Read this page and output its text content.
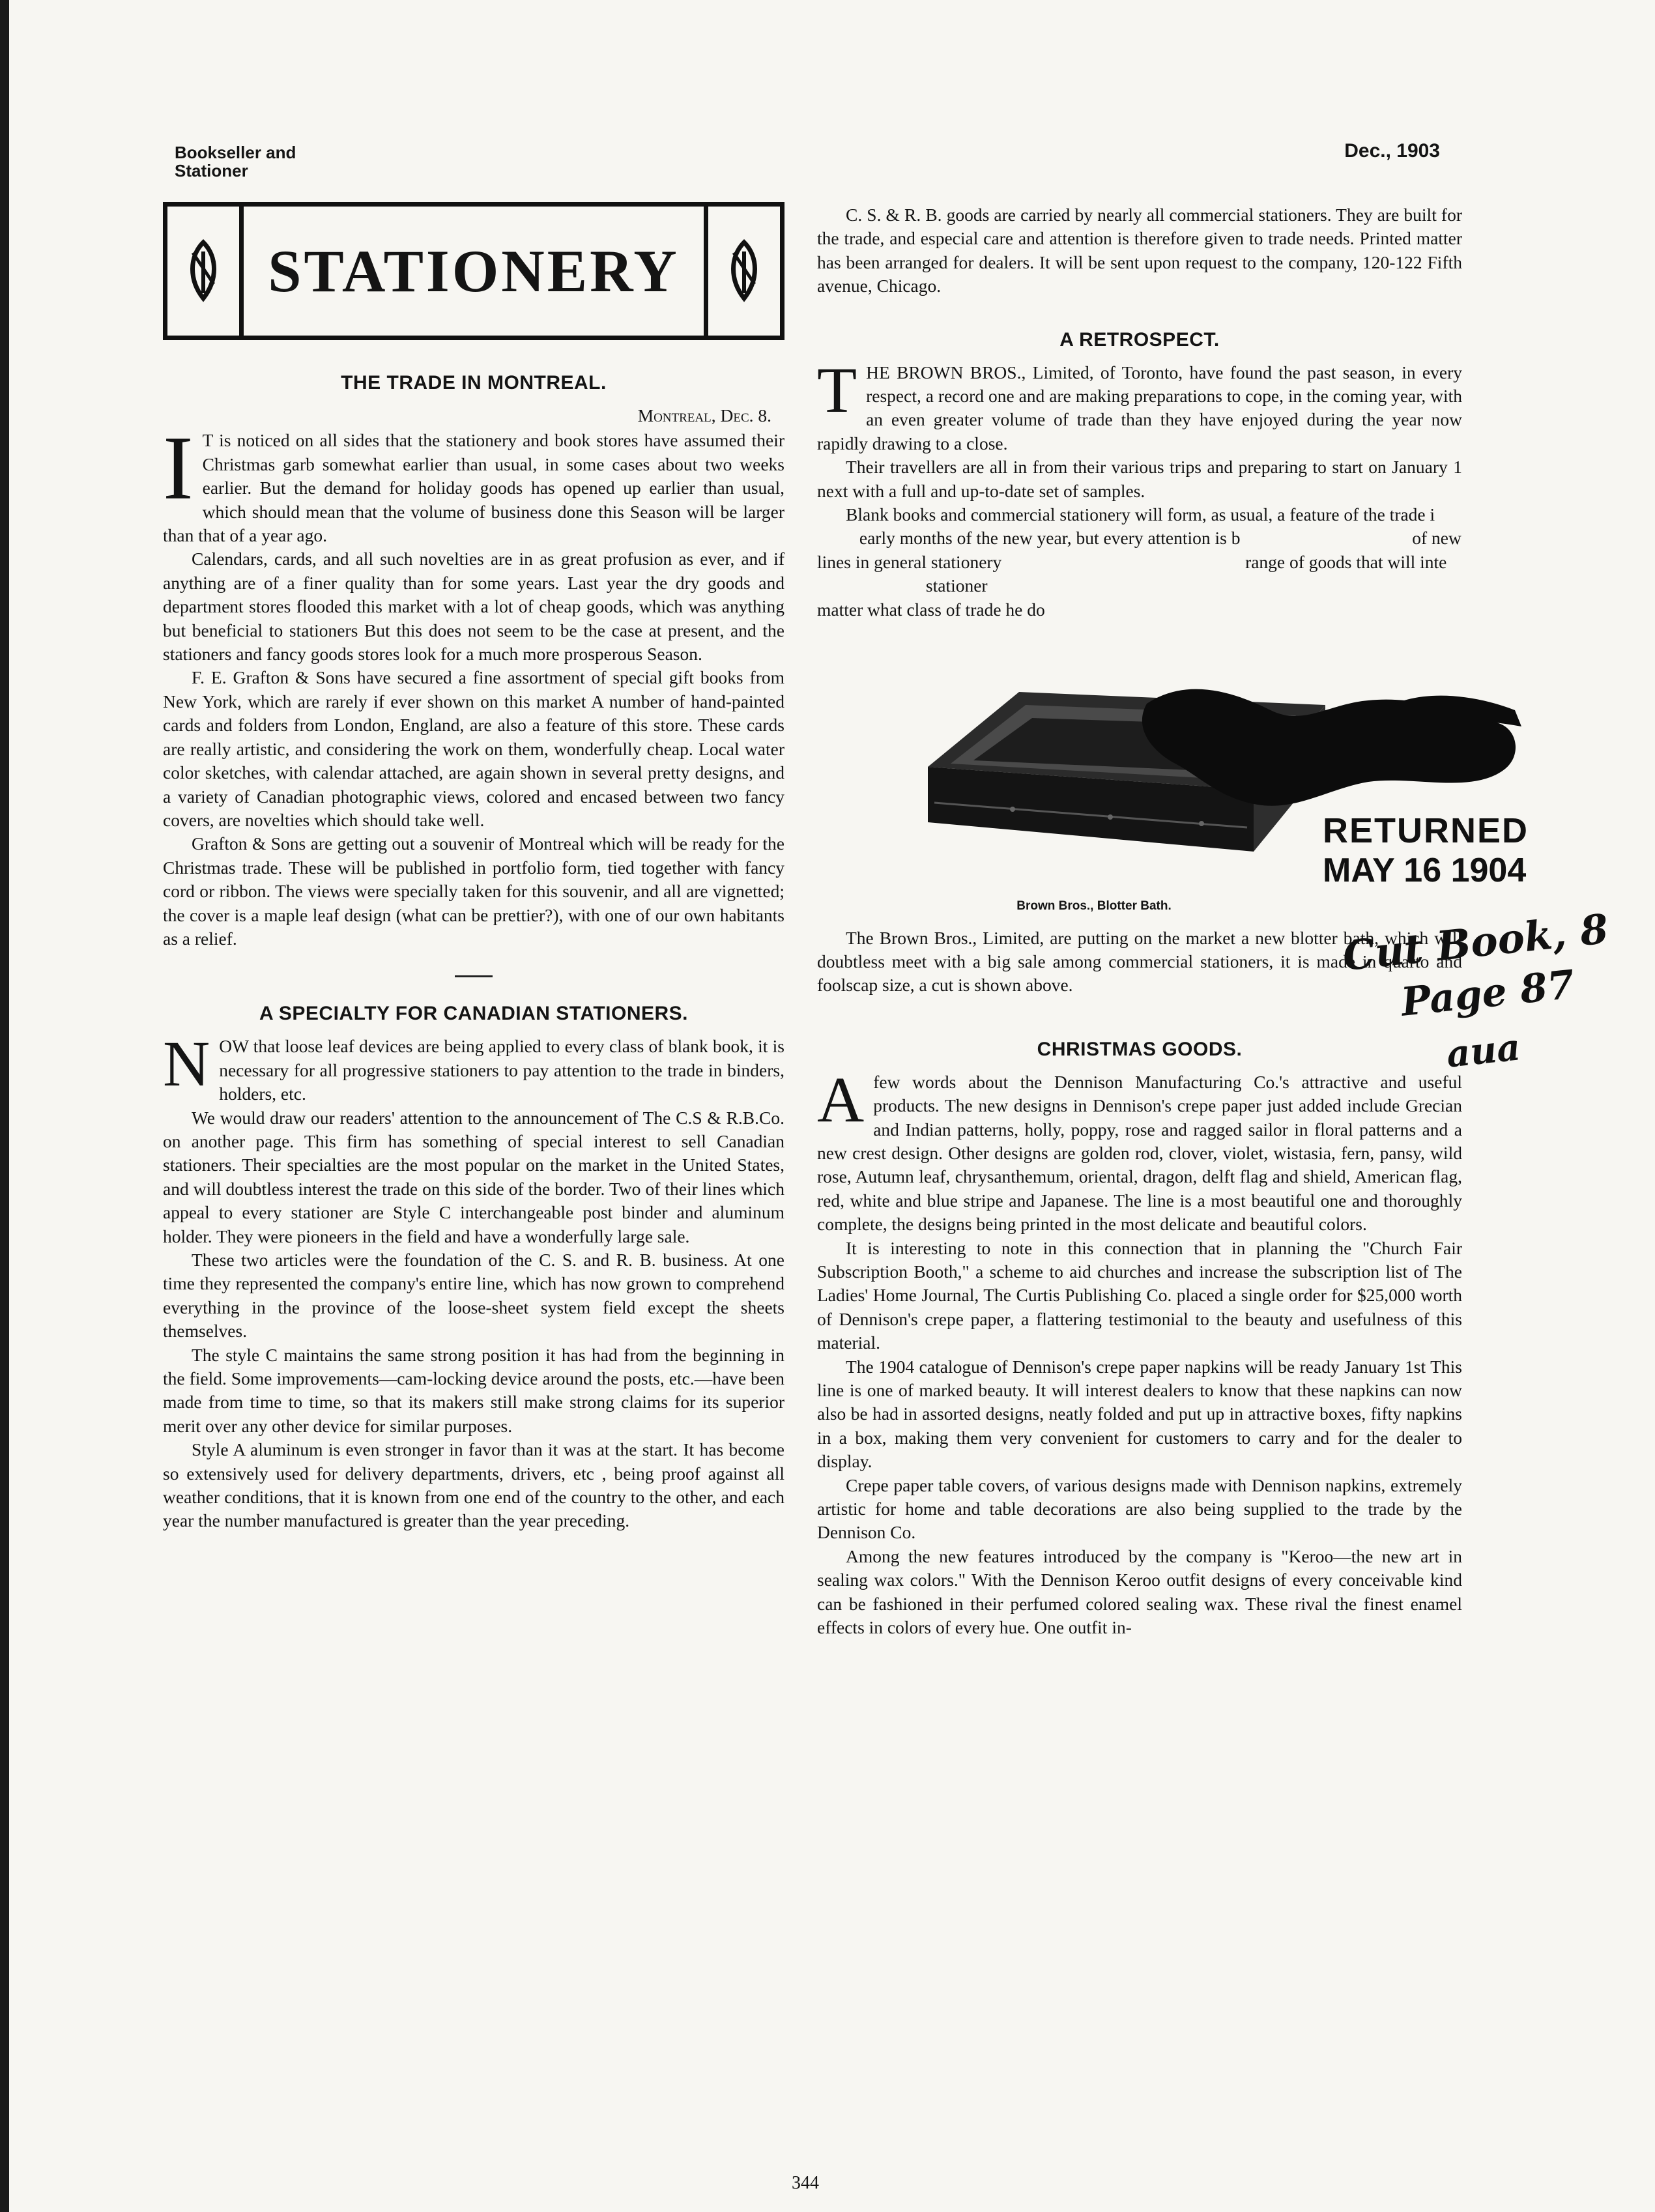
Bookseller and Stationer
Dec., 1903
STATIONERY
THE TRADE IN MONTREAL.
Montreal, Dec. 8.

I T is noticed on all sides that the stationery and book stores have assumed their Christmas garb somewhat earlier than usual, in some cases about two weeks earlier. But the demand for holiday goods has opened up earlier than usual, which should mean that the volume of business done this Season will be larger than that of a year ago.

Calendars, cards, and all such novelties are in as great profusion as ever, and if anything are of a finer quality than for some years. Last year the dry goods and department stores flooded this market with a lot of cheap goods, which was anything but beneficial to stationers But this does not seem to be the case at present, and the stationers and fancy goods stores look for a much more prosperous Season.

F. E. Grafton & Sons have secured a fine assortment of special gift books from New York, which are rarely if ever shown on this market A number of hand-painted cards and folders from London, England, are also a feature of this store. These cards are really artistic, and considering the work on them, wonderfully cheap. Local water color sketches, with calendar attached, are again shown in several pretty designs, and a variety of Canadian photographic views, colored and encased between two fancy covers, are novelties which should take well.

Grafton & Sons are getting out a souvenir of Montreal which will be ready for the Christmas trade. These will be published in portfolio form, tied together with fancy cord or ribbon. The views were specially taken for this souvenir, and all are vignetted; the cover is a maple leaf design (what can be prettier?), with one of our own habitants as a relief.

A SPECIALTY FOR CANADIAN STATIONERS.

NOW that loose leaf devices are being applied to every class of blank book, it is necessary for all progressive stationers to pay attention to the trade in binders, holders, etc.

We would draw our readers' attention to the announcement of The C.S & R.B.Co. on another page. This firm has something of special interest to sell Canadian stationers. Their specialties are the most popular on the market in the United States, and will doubtless interest the trade on this side of the border. Two of their lines which appeal to every stationer are Style C interchangeable post binder and aluminum holder. They were pioneers in the field and have a wonderfully large sale.

These two articles were the foundation of the C. S. and R. B. business. At one time they represented the company's entire line, which has now grown to comprehend everything in the province of the loose-sheet system field except the sheets themselves.

The style C maintains the same strong position it has had from the beginning in the field. Some improvements—cam-locking device around the posts, etc.—have been made from time to time, so that its makers still make strong claims for its superior merit over any other device for similar purposes.

Style A aluminum is even stronger in favor than it was at the start. It has become so extensively used for delivery departments, drivers, etc , being proof against all weather conditions, that it is known from one end of the country to the other, and each year the number manufactured is greater than the year preceding.

C. S. & R. B. goods are carried by nearly all commercial stationers. They are built for the trade, and especial care and attention is therefore given to trade needs. Printed matter has been arranged for dealers. It will be sent upon request to the company, 120-122 Fifth avenue, Chicago.

A RETROSPECT.

THE BROWN BROS., Limited, of Toronto, have found the past season, in every respect, a record one and are making preparations to cope, in the coming year, with an even greater volume of trade than they have enjoyed during the year now rapidly drawing to a close.

Their travellers are all in from their various trips and preparing to start on January 1 next with a full and up-to-date set of samples.

Blank books and commercial stationery will form, as usual, a feature of the trade i  early months of the new year, but every attention is b	of new lines in general stationery	range of goods that will inte  stationer
matter what class of trade he do

Brown Bros., Blotter Bath.

The Brown Bros., Limited, are putting on the market a new blotter bath, which will doubtless meet with a big sale among commercial stationers, it is made in quarto and foolscap size, a cut is shown above.

CHRISTMAS GOODS.

Afew words about the Dennison Manufacturing Co.'s attractive and useful products. The new designs in Dennison's crepe paper just added include Grecian and Indian patterns, holly, poppy, rose and ragged sailor in floral patterns and a new crest design. Other designs are golden rod, clover, violet, wistasia, fern, pansy, wild rose, Autumn leaf, chrysanthemum, oriental, dragon, delft flag and shield, American flag, red, white and blue stripe and Japanese. The line is a most beautiful one and thoroughly complete, the designs being printed in the most delicate and beautiful colors.

It is interesting to note in this connection that in planning the "Church Fair Subscription Booth," a scheme to aid churches and increase the subscription list of The Ladies' Home Journal, The Curtis Publishing Co. placed a single order for $25,000 worth of Dennison's crepe paper, a flattering testimonial to the beauty and usefulness of this material.

The 1904 catalogue of Dennison's crepe paper napkins will be ready January 1st This line is one of marked beauty. It will interest dealers to know that these napkins can now also be had in assorted designs, neatly folded and put up in attractive boxes, fifty napkins in a box, making them very convenient for customers to carry and for the dealer to display.

Crepe paper table covers, of various designs made with Dennison napkins, extremely artistic for home and table decorations are also being supplied to the trade by the Dennison Co.

Among the new features introduced by the company is "Keroo—the new art in sealing wax colors." With the Dennison Keroo outfit designs of every conceivable kind can be fashioned in their perfumed colored sealing wax. These rival the finest enamel effects in colors of every hue. One outfit in-

RETURNED
MAY 16 1904
Cut Book, 8
Page 87
aua
344
